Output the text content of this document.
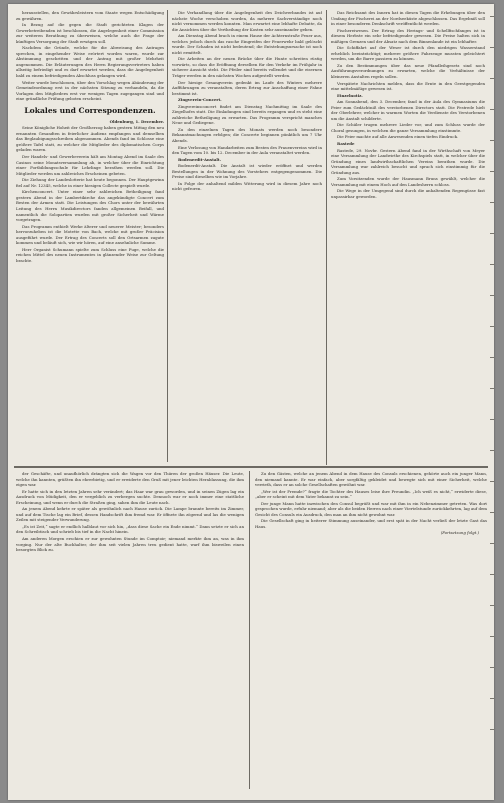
herausstellen, den Gewährsleistern vom Staate wegen Entschädigung zu gewähren.

In Bezug auf die gegen die Stadt gerichteten Klagen der Gewerbetreibenden ist beschlossen, die Angelegenheit einer Commission zur weiteren Berathung zu überweisen, welche auch die Frage der künftigen Versorgung der Stadt erwägen soll.

Nachdem die Gründe, welche für die Abweisung des Antrages sprechen, in eingehender Weise erörtert worden waren, wurde zur Abstimmung geschritten und der Antrag mit großer Mehrheit angenommen. Die Erläuterungen des Herrn Regierungsvertreters haben allseitig befriedigt und es darf erwartet werden, dass die Angelegenheit bald zu einem befriedigenden Abschluss gelangen wird.

Weiter wurde beschlossen, über den Vorschlag wegen Abänderung der Gemeindeordnung erst in der nächsten Sitzung zu verhandeln, da die Vorlagen den Mitgliedern erst vor wenigen Tagen zugegangen sind und eine gründliche Prüfung geboten erscheint.

Lokales und Correspondenzen.

Oldenburg, 1. December.

Seine Königliche Hoheit der Großherzog haben gestern Mittag den neu ernannten Gesandten in feierlicher Audienz empfangen und demselben das Beglaubigungsschreiben abgenommen. Abends fand im Schlosse eine größere Tafel statt, zu welcher die Mitglieder des diplomatischen Corps geladen waren.

Der Handels- und Gewerbeverein hält am Montag Abend im Saale des Casinos seine Monatsversammlung ab, in welcher über die Einrichtung einer Fortbildungsschule für Lehrlinge berathen werden soll. Die Mitglieder werden um zahlreiches Erscheinen gebeten.

Die Ziehung der Landeslotterie hat heute begonnen. Der Hauptgewinn fiel auf Nr. 12345, welche in einer hiesigen Collecte gespielt wurde.

Kirchenconcert. Unter einer sehr zahlreichen Betheiligung fand gestern Abend in der Lambertikirche das angekündigte Concert zum Besten der Armen statt. Die Leistungen des Chors unter der bewährten Leitung des Herrn Musikdirectors fanden allgemeinen Beifall, und namentlich die Solopartien wurden mit großer Sicherheit und Wärme vorgetragen.

Das Programm enthielt Werke älterer und neuerer Meister; besonders hervorzuheben ist die Motette von Bach, welche mit großer Präcision ausgeführt wurde. Der Ertrag des Concerts soll den Ortsarmen zugute kommen und beläuft sich, wie wir hören, auf eine ansehnliche Summe.

Herr Organist Schumann spielte zum Schluss eine Fuge, welche die reichen Mittel des neuen Instrumentes in glänzender Weise zur Geltung brachte.

Die Verhandlung über die Angelegenheit des Deichverbandes ist auf nächste Woche verschoben worden, da mehrere Sachverständige noch nicht vernommen werden konnten. Man erwartet eine lebhafte Debatte, da die Ansichten über die Vertheilung der Kosten sehr auseinander gehen.

Am Dienstag Abend brach in einem Hause der Achternstraße Feuer aus, welches jedoch durch das rasche Eingreifen der Feuerwehr bald gelöscht wurde. Der Schaden ist nicht bedeutend; die Entstehungsursache ist noch nicht ermittelt.

Die Arbeiten an der neuen Brücke über die Hunte schreiten rüstig vorwärts, so dass die Eröffnung derselben für den Verkehr im Frühjahr in sicherer Aussicht steht. Die Pfeiler sind bereits vollendet und die eisernen Träger werden in den nächsten Wochen aufgestellt werden.

Der hiesige Gesangverein gedenkt im Laufe des Winters mehrere Aufführungen zu veranstalten, deren Ertrag zur Anschaffung einer Fahne bestimmt ist.

Zingverein-Concert.

Zingvereinsconcert findet am Dienstag Nachmittag im Saale des Ziegelhofes statt. Die Einladungen sind bereits ergangen und es steht eine zahlreiche Betheiligung zu erwarten. Das Programm verspricht manches Neue und Gediegene.

Zu den einzelnen Tagen des Monats werden noch besondere Bekanntmachungen erfolgen; die Concerte beginnen pünktlich um 7 Uhr Abends.

Eine Verlosung von Handarbeiten zum Besten des Frauenvereins wird in den Tagen vom 10. bis 12. December in der Aula veranstaltet werden.

Bodenerdit-Anstalt.

Bodenerdit-Anstalt. Die Anstalt ist wieder eröffnet und werden Bestellungen in der Wohnung des Vorstehers entgegengenommen. Die Preise sind dieselben wie im Vorjahre.

In Folge der anhaltend milden Witterung wird in diesem Jahre noch nicht gefroren.

Das Reichsamt des Innern hat in diesen Tagen die Erhebungen über den Umfang der Fischerei an der Nordseeküste abgeschlossen. Das Ergebniß soll in einer besonderen Denkschrift veröffentlicht werden.

Fischereiwesen. Der Ertrag des Herings- und Schellfischfanges ist in diesem Herbste ein sehr befriedigender gewesen. Die Preise halten sich in mäßigen Grenzen und der Absatz nach dem Binnenlande ist ein lebhafter.

Die Schiffahrt auf der Weser ist durch den niedrigen Wasserstand erheblich beeinträchtigt; mehrere größere Fahrzeuge mussten geleichtert werden, um die Barre passiren zu können.

Zu den Bestimmungen über das neue Pfandleihgesetz sind noch Ausführungsverordnungen zu erwarten, welche die Verhältnisse der kleineren Anstalten regeln sollen.

Verspätete Nachrichten melden, dass die Ernte in den Geestgegenden eine mittelmäßige gewesen ist.

Einzelnotiz.

Am Sonnabend, den 3. December, fand in der Aula des Gymnasiums die Feier zum Gedächtniß des verstorbenen Directors statt. Die Festrede hielt der Oberlehrer, welcher in warmen Worten die Verdienste des Verstorbenen um die Anstalt schilderte.

Die Schüler trugen mehrere Lieder vor, und zum Schluss wurde der Choral gesungen, in welchen die ganze Versammlung einstimmte.

Die Feier machte auf alle Anwesenden einen tiefen Eindruck.

Rastede

Rastede, 29. Novbr. Gestern Abend fand in der Wirthschaft von Meyer eine Versammlung der Landwirthe des Kirchspiels statt, in welcher über die Gründung eines landwirthschaftlichen Vereins berathen wurde. Die Versammlung war zahlreich besucht und sprach sich einstimmig für die Gründung aus.

Zum Vorsitzenden wurde der Hausmann Bruns gewählt, welcher die Versammlung mit einem Hoch auf den Landesherrn schloss.

Die Wege in der Umgegend sind durch die anhaltenden Regengüsse fast unpassirbar geworden.

der Geschäfte, und unaufhörlich drängten sich die Wagen vor den Thüren der großen Häuser. Die Leute, welche ihn kannten, grüßten ihn ehrerbietig, und er erwiderte den Gruß mit jener leichten Herablassung, die ihm eigen war.

Er hatte sich in den letzten Jahren sehr verändert; das Haar war grau geworden, und in seinen Zügen lag ein Ausdruck von Müdigkeit, den er vergeblich zu verbergen suchte. Dennoch war er noch immer eine stattliche Erscheinung, und wenn er durch die Straßen ging, sahen ihm die Leute nach.

An jenem Abend kehrte er später als gewöhnlich nach Hause zurück. Die Lampe brannte bereits im Zimmer, und auf dem Tische lag ein Brief, dessen Handschrift ihm fremd war. Er öffnete ihn zögernd und las die wenigen Zeilen mit steigender Verwunderung.

„Es ist Zeit,“ sagte er endlich halblaut vor sich hin, „dass diese Sache ein Ende nimmt.“ Dann setzte er sich an den Schreibtisch und schrieb bis tief in die Nacht hinein.

Am anderen Morgen erschien er zur gewohnten Stunde im Comptoir; niemand merkte ihm an, was in ihm vorging. Nur der alte Buchhalter, der ihm seit vielen Jahren treu gedient hatte, warf ihm bisweilen einen besorgten Blick zu.

Zu den Gästen, welche an jenem Abend in dem Hause des Consuls erschienen, gehörte auch ein junger Mann, den niemand kannte. Er war einfach, aber sorgfältig gekleidet und bewegte sich mit einer Sicherheit, welche verrieth, dass er an solche Gesellschaften gewöhnt war.

„Wer ist der Fremde?“ fragte die Tochter des Hauses leise ihre Freundin. „Ich weiß es nicht,“ erwiderte diese, „aber er scheint mit dem Vater bekannt zu sein.“

Der junge Mann hatte inzwischen den Consul begrüßt und war mit ihm in ein Nebenzimmer getreten. Was dort gesprochen wurde, erfuhr niemand; aber als die beiden Herren nach einer Viertelstunde zurückkehrten, lag auf dem Gesicht des Consuls ein Ausdruck, den man an ihm nicht gewohnt war.

Die Gesellschaft ging in heiterer Stimmung auseinander, und erst spät in der Nacht verließ der letzte Gast das Haus.

(Fortsetzung folgt.)
